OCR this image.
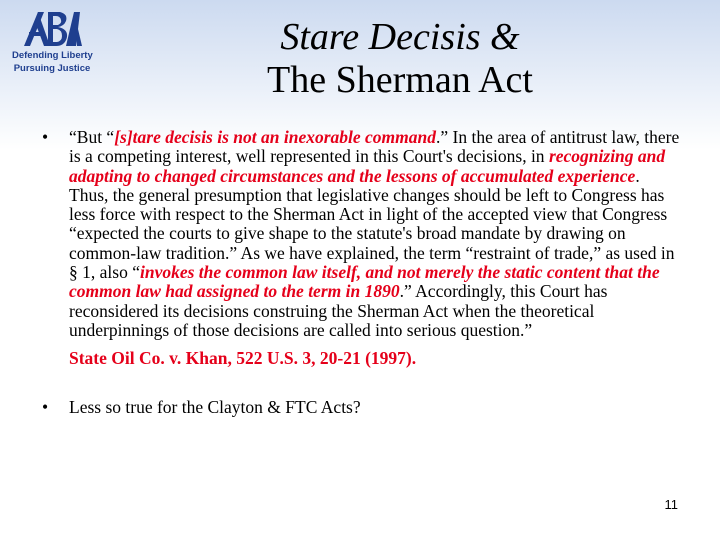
Defending Liberty
Pursuing Justice
Stare Decisis &
The Sherman Act
• “But “[s]tare decisis is not an inexorable command.” In the area of antitrust law, there is a competing interest, well represented in this Court's decisions, in recognizing and adapting to changed circumstances and the lessons of accumulated experience. Thus, the general presumption that legislative changes should be left to Congress has less force with respect to the Sherman Act in light of the accepted view that Congress “expected the courts to give shape to the statute's broad mandate by drawing on common-law tradition.” As we have explained, the term “restraint of trade,” as used in § 1, also “invokes the common law itself, and not merely the static content that the common law had assigned to the term in 1890.” Accordingly, this Court has reconsidered its decisions construing the Sherman Act when the theoretical underpinnings of those decisions are called into serious question.”
State Oil Co. v. Khan, 522 U.S. 3, 20-21 (1997).
• Less so true for the Clayton & FTC Acts?
11
